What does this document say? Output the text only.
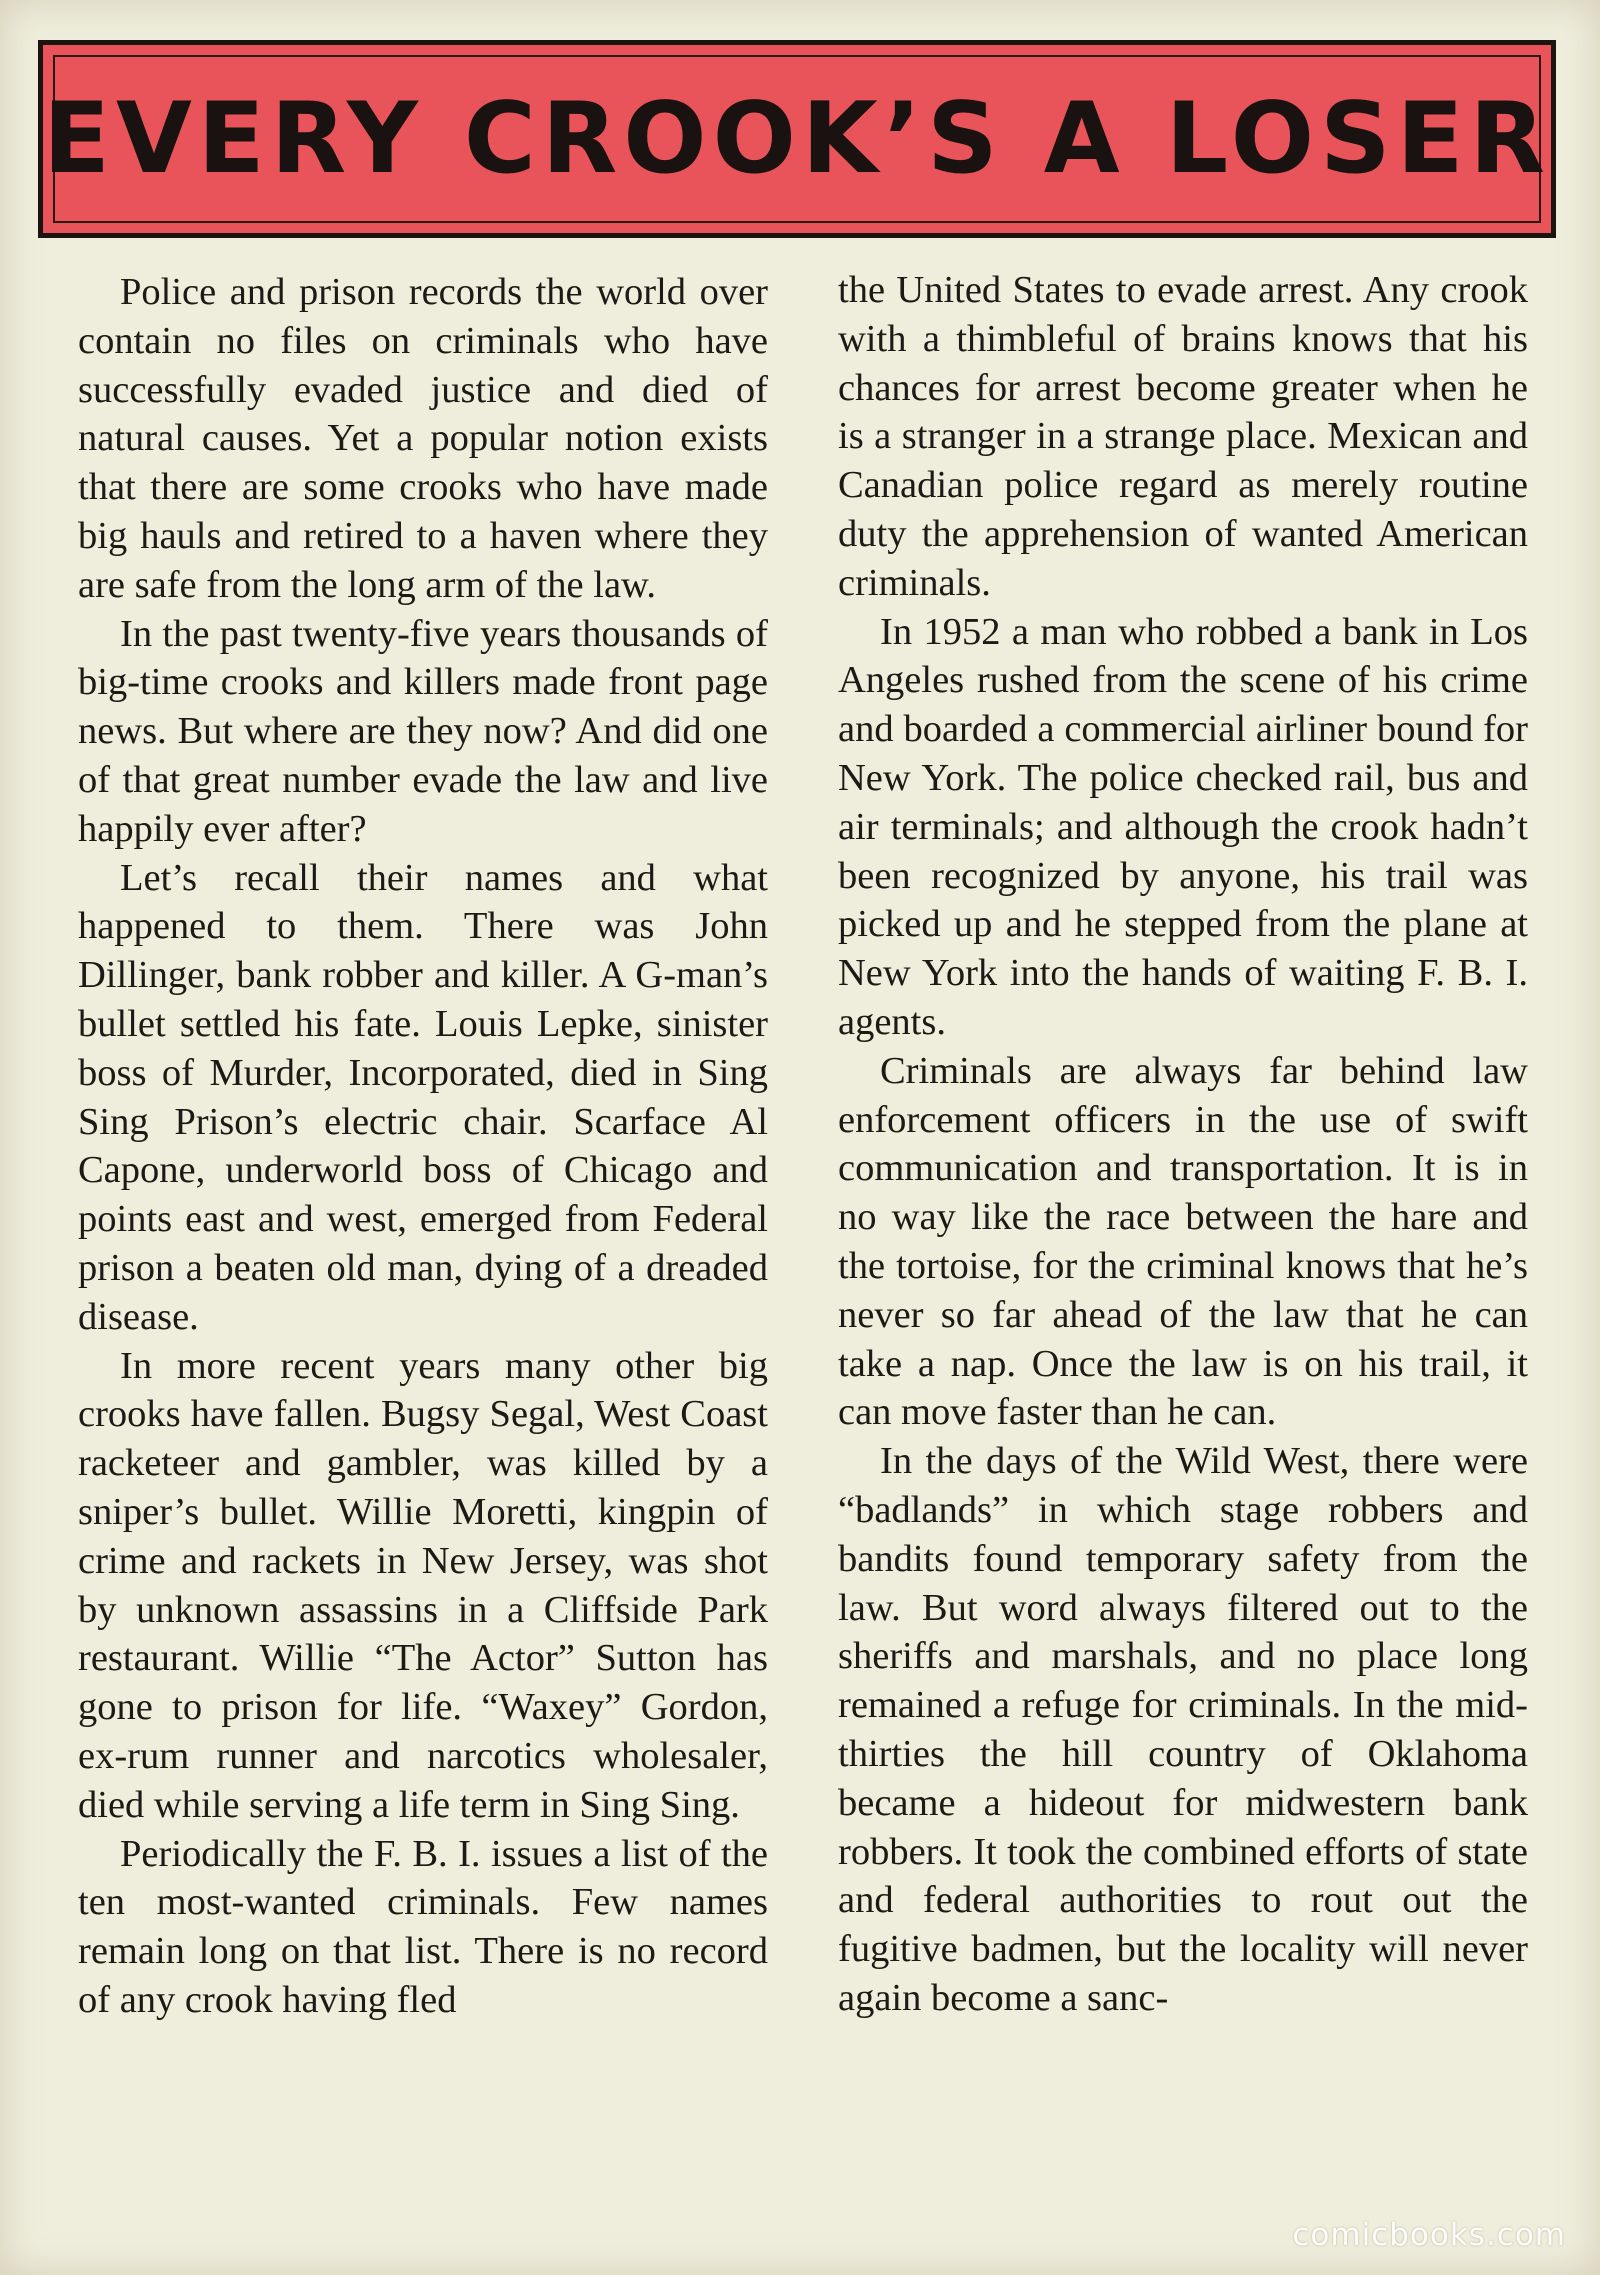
EVERY CROOK’S A LOSER

Police and prison records the world over contain no files on criminals who have successfully evaded justice and died of natural causes. Yet a popular notion exists that there are some crooks who have made big hauls and retired to a haven where they are safe from the long arm of the law.

In the past twenty-five years thousands of big-time crooks and killers made front page news. But where are they now? And did one of that great number evade the law and live happily ever after?

Let’s recall their names and what happened to them. There was John Dillinger, bank robber and killer. A G-man’s bullet settled his fate. Louis Lepke, sinister boss of Murder, Incorporated, died in Sing Sing Prison’s electric chair. Scarface Al Capone, underworld boss of Chicago and points east and west, emerged from Federal prison a beaten old man, dying of a dreaded disease.

In more recent years many other big crooks have fallen. Bugsy Segal, West Coast racketeer and gambler, was killed by a sniper’s bullet. Willie Moretti, kingpin of crime and rackets in New Jersey, was shot by unknown assassins in a Cliffside Park restaurant. Willie “The Actor” Sutton has gone to prison for life. “Waxey” Gordon, ex-rum runner and narcotics wholesaler, died while serving a life term in Sing Sing.

Periodically the F. B. I. issues a list of the ten most-wanted criminals. Few names remain long on that list. There is no record of any crook having fled

the United States to evade arrest. Any crook with a thimbleful of brains knows that his chances for arrest become greater when he is a stranger in a strange place. Mexican and Canadian police regard as merely routine duty the apprehension of wanted American criminals.

In 1952 a man who robbed a bank in Los Angeles rushed from the scene of his crime and boarded a commercial airliner bound for New York. The police checked rail, bus and air terminals; and although the crook hadn’t been recognized by anyone, his trail was picked up and he stepped from the plane at New York into the hands of waiting F. B. I. agents.

Criminals are always far behind law enforcement officers in the use of swift communication and transportation. It is in no way like the race between the hare and the tortoise, for the criminal knows that he’s never so far ahead of the law that he can take a nap. Once the law is on his trail, it can move faster than he can.

In the days of the Wild West, there were “badlands” in which stage robbers and bandits found temporary safety from the law. But word always filtered out to the sheriffs and marshals, and no place long remained a refuge for criminals. In the mid-thirties the hill country of Oklahoma became a hideout for midwestern bank robbers. It took the combined efforts of state and federal authorities to rout out the fugitive badmen, but the locality will never again become a sanc-

comicbooks.com
